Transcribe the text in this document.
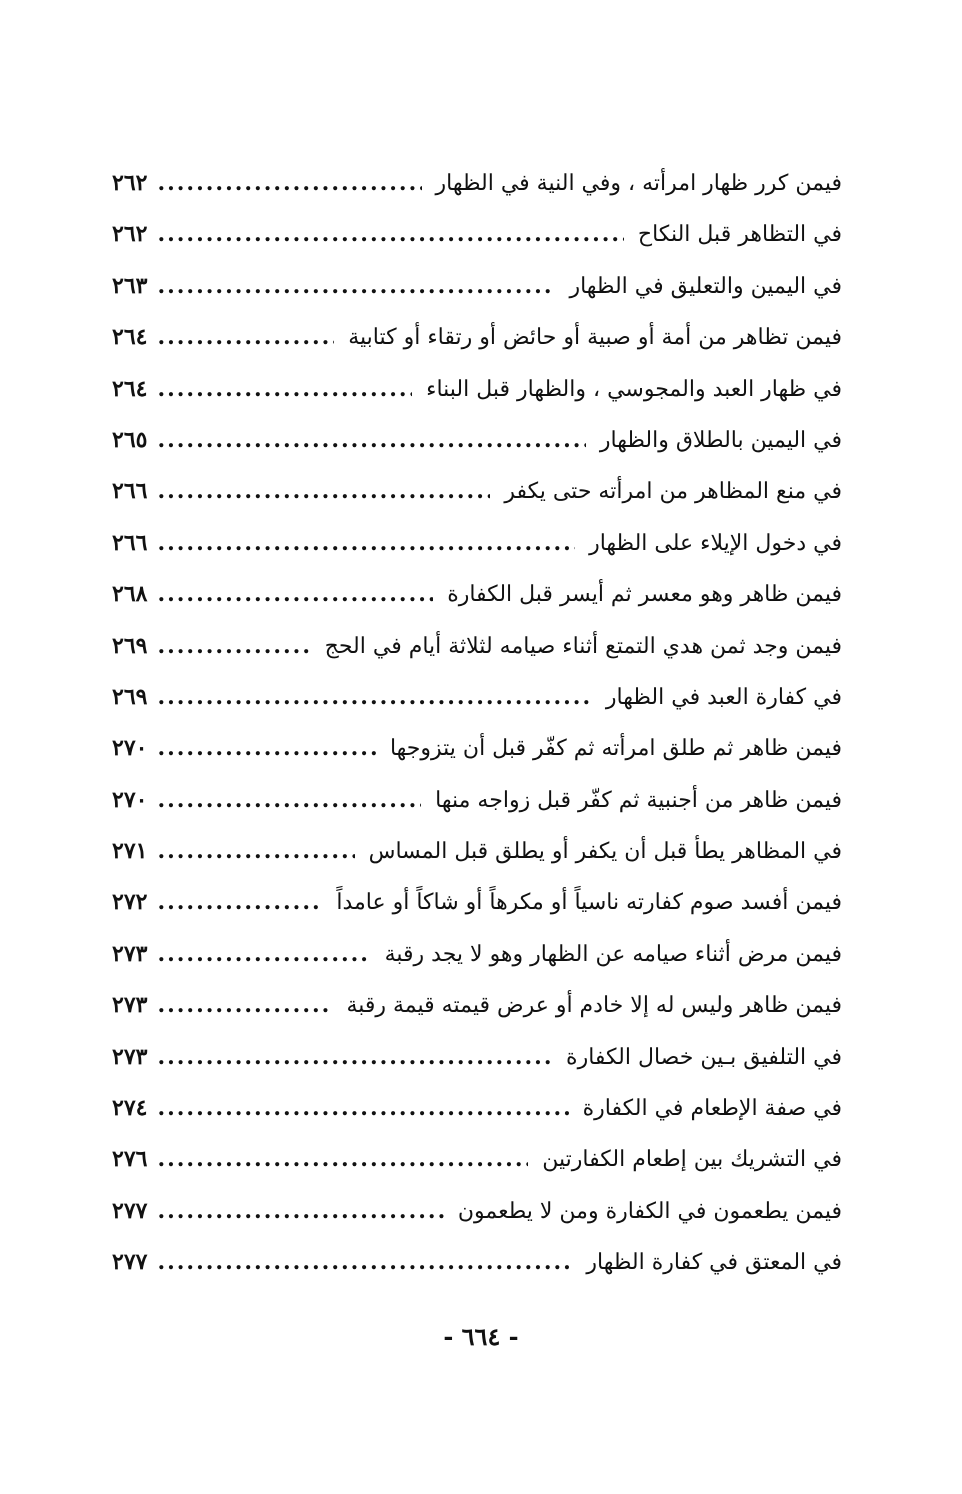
فيمن كرر ظهار امرأته ، وفي النية في الظهار
.....
٢٦٢
في التظاهر قبل النكاح
.....
٢٦٢
في اليمين والتعليق في الظهار
.....
٢٦٣
فيمن تظاهر من أمة أو صبية أو حائض أو رتقاء أو كتابية
.....
٢٦٤
في ظهار العبد والمجوسي ، والظهار قبل البناء
.....
٢٦٤
في اليمين بالطلاق والظهار
.....
٢٦٥
في منع المظاهر من امرأته حتى يكفر
.....
٢٦٦
في دخول الإيلاء على الظهار
.....
٢٦٦
فيمن ظاهر وهو معسر ثم أيسر قبل الكفارة
.....
٢٦٨
فيمن وجد ثمن هدي التمتع أثناء صيامه لثلاثة أيام في الحج
.....
٢٦٩
في كفارة العبد في الظهار
.....
٢٦٩
فيمن ظاهر ثم طلق امرأته ثم كفّر قبل أن يتزوجها
.....
٢٧٠
فيمن ظاهر من أجنبية ثم كفّر قبل زواجه منها
.....
٢٧٠
في المظاهر يطأ قبل أن يكفر أو يطلق قبل المساس
.....
٢٧١
فيمن أفسد صوم كفارته ناسياً أو مكرهاً أو شاكاً أو عامداً
.....
٢٧٢
فيمن مرض أثناء صيامه عن الظهار وهو لا يجد رقبة
.....
٢٧٣
فيمن ظاهر وليس له إلا خادم أو عرض قيمته قيمة رقبة
.....
٢٧٣
في التلفيق بـين خصال الكفارة
.....
٢٧٣
في صفة الإطعام في الكفارة
.....
٢٧٤
في التشريك بين إطعام الكفارتين
.....
٢٧٦
فيمن يطعمون في الكفارة ومن لا يطعمون
.....
٢٧٧
في المعتق في كفارة الظهار
.....
٢٧٧
- ٦٦٤ -
